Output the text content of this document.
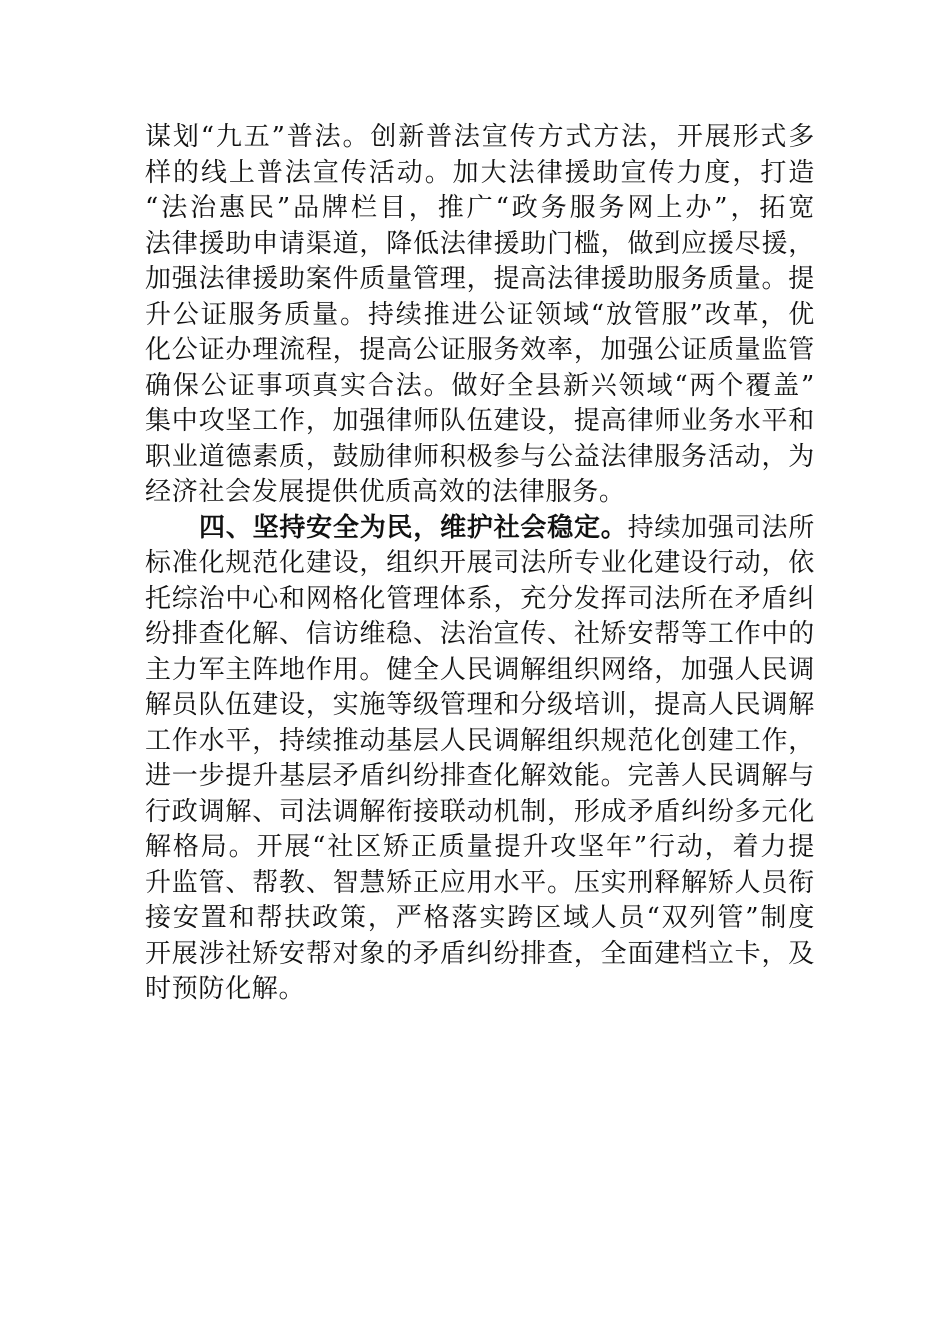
谋划“九五”普法。创新普法宣传方式方法，开展形式多
样的线上普法宣传活动。加大法律援助宣传力度，打造
“法治惠民”品牌栏目，推广“政务服务网上办”，拓宽
法律援助申请渠道，降低法律援助门槛，做到应援尽援，
加强法律援助案件质量管理，提高法律援助服务质量。提
升公证服务质量。持续推进公证领域“放管服”改革，优
化公证办理流程，提高公证服务效率，加强公证质量监管
确保公证事项真实合法。做好全县新兴领域“两个覆盖”
集中攻坚工作，加强律师队伍建设，提高律师业务水平和
职业道德素质，鼓励律师积极参与公益法律服务活动，为
经济社会发展提供优质高效的法律服务。
四、坚持安全为民，维护社会稳定。持续加强司法所
标准化规范化建设，组织开展司法所专业化建设行动，依
托综治中心和网格化管理体系，充分发挥司法所在矛盾纠
纷排查化解、信访维稳、法治宣传、社矫安帮等工作中的
主力军主阵地作用。健全人民调解组织网络，加强人民调
解员队伍建设，实施等级管理和分级培训，提高人民调解
工作水平，持续推动基层人民调解组织规范化创建工作，
进一步提升基层矛盾纠纷排查化解效能。完善人民调解与
行政调解、司法调解衔接联动机制，形成矛盾纠纷多元化
解格局。开展“社区矫正质量提升攻坚年”行动，着力提
升监管、帮教、智慧矫正应用水平。压实刑释解矫人员衔
接安置和帮扶政策，严格落实跨区域人员“双列管”制度
开展涉社矫安帮对象的矛盾纠纷排查，全面建档立卡，及
时预防化解。
